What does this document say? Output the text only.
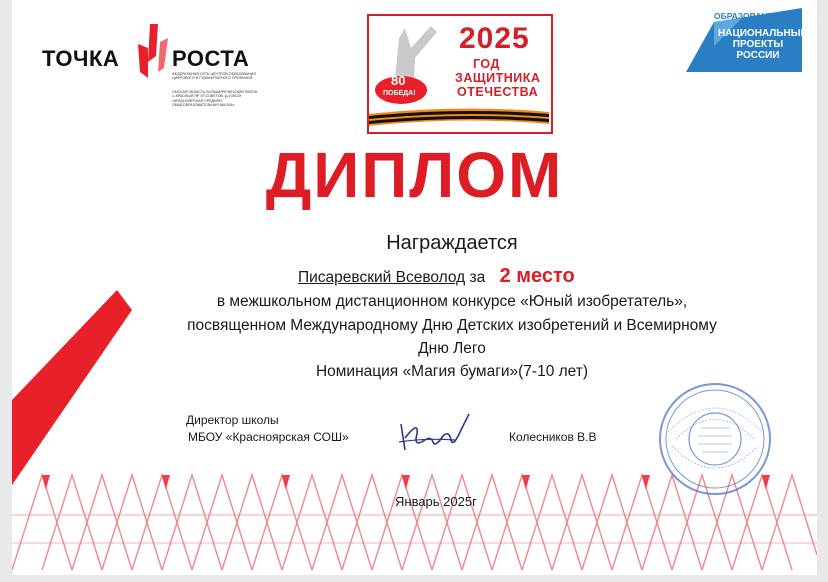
ТОЧКА РОСТА
ФЕДЕРАЛЬНАЯ СЕТЬ ЦЕНТРОВ ОБРАЗОВАНИЯ ЦИФРОВОГО И ГУМАНИТАРНОГО ПРОФИЛЕЙ
ОМСКАЯ ОБЛАСТЬ БОЛЬШЕРЕЧЕНСКИЙ РАЙОН С.КРАСНЫЙ ЯР УЛ.СОВЕТОВ, Д.4 МБОУ «КРАСНОЯРСКАЯ СРЕДНЯЯ ОБЩЕОБРАЗОВАТЕЛЬНАЯ ШКОЛА»
80
ПОБЕДА!
2025
ГОД
ЗАЩИТНИКА
ОТЕЧЕСТВА
ОБРАЗОВАНИЕ
НАЦИОНАЛЬНЫЕ
ПРОЕКТЫ
РОССИИ
ДИПЛОМ
Награждается
Писаревский Всеволод за 2 место
в межшкольном дистанционном конкурсе «Юный изобретатель»,
посвященном Международному Дню Детских изобретений и Всемирному
Дню Лего
Номинация «Магия бумаги»(7-10 лет)
Директор школы
МБОУ «Красноярская СОШ»	Колесников В.В
Январь 2025г
